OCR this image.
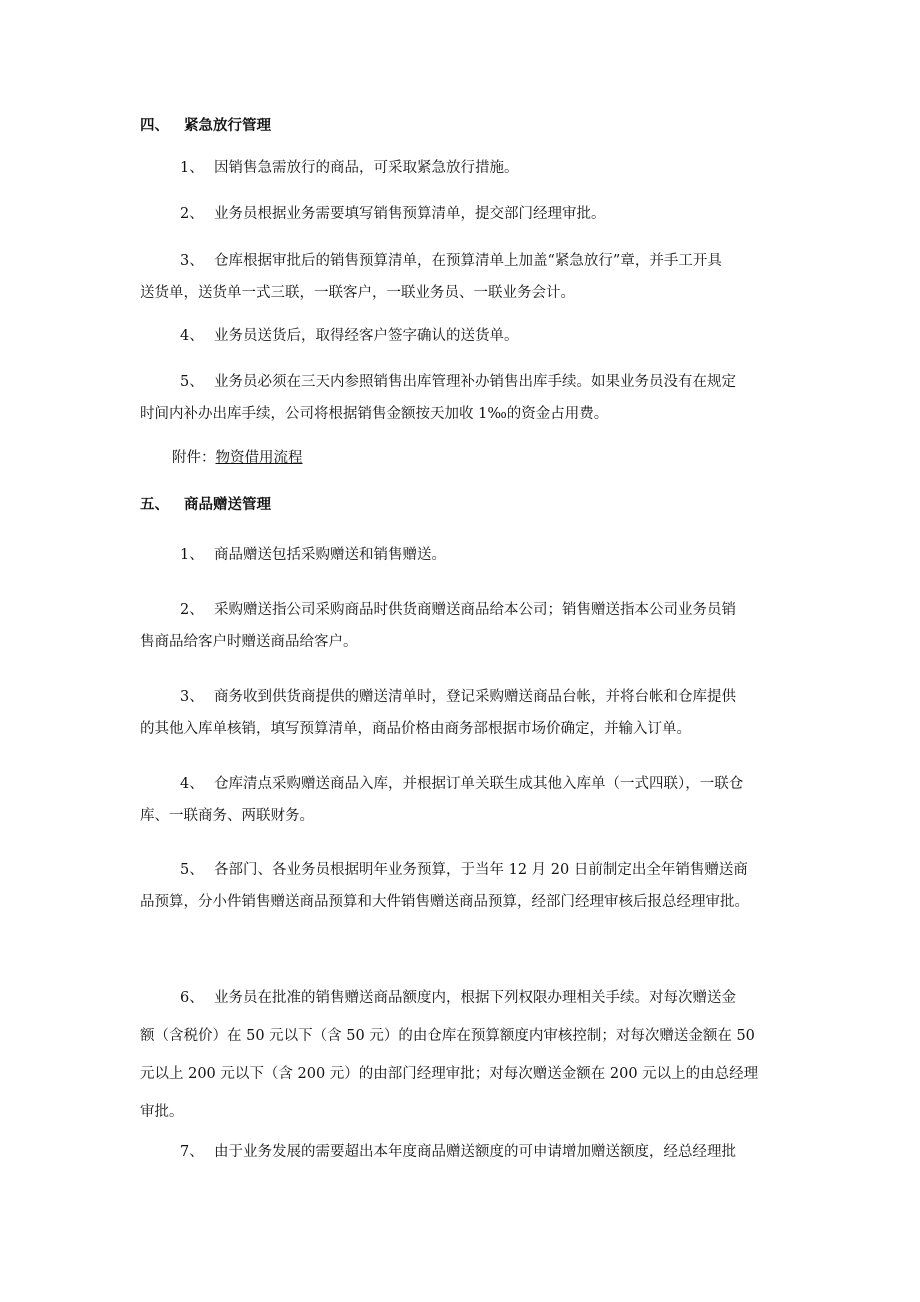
四、 紧急放行管理
1、 因销售急需放行的商品，可采取紧急放行措施。
2、 业务员根据业务需要填写销售预算清单，提交部门经理审批。
3、 仓库根据审批后的销售预算清单，在预算清单上加盖“紧急放行”章，并手工开具
送货单，送货单一式三联，一联客户，一联业务员、一联业务会计。
4、 业务员送货后，取得经客户签字确认的送货单。
5、 业务员必须在三天内参照销售出库管理补办销售出库手续。如果业务员没有在规定
时间内补办出库手续，公司将根据销售金额按天加收 1‰的资金占用费。
附件：物资借用流程
五、 商品赠送管理
1、 商品赠送包括采购赠送和销售赠送。
2、 采购赠送指公司采购商品时供货商赠送商品给本公司；销售赠送指本公司业务员销
售商品给客户时赠送商品给客户。
3、 商务收到供货商提供的赠送清单时，登记采购赠送商品台帐，并将台帐和仓库提供
的其他入库单核销，填写预算清单，商品价格由商务部根据市场价确定，并输入订单。
4、 仓库清点采购赠送商品入库，并根据订单关联生成其他入库单（一式四联），一联仓
库、一联商务、两联财务。
5、 各部门、各业务员根据明年业务预算，于当年 12 月 20 日前制定出全年销售赠送商
品预算，分小件销售赠送商品预算和大件销售赠送商品预算，经部门经理审核后报总经理审批。
6、 业务员在批准的销售赠送商品额度内，根据下列权限办理相关手续。对每次赠送金
额（含税价）在 50 元以下（含 50 元）的由仓库在预算额度内审核控制；对每次赠送金额在 50
元以上 200 元以下（含 200 元）的由部门经理审批；对每次赠送金额在 200 元以上的由总经理
审批。
7、 由于业务发展的需要超出本年度商品赠送额度的可申请增加赠送额度，经总经理批
